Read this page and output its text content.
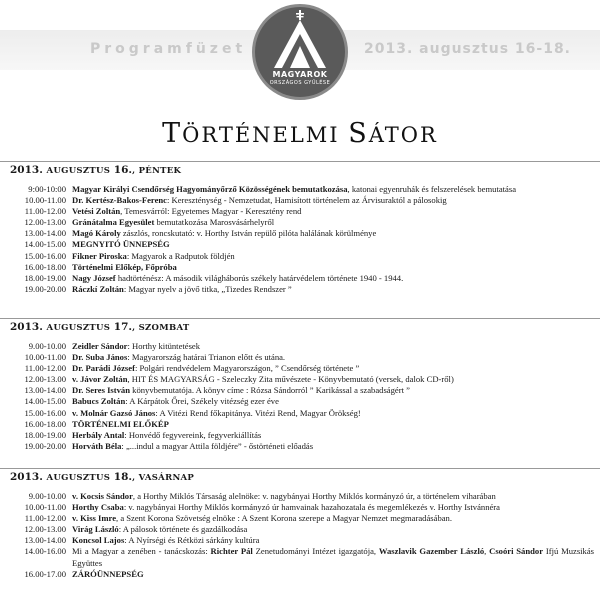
Programfüzet	2013. augusztus 16-18.
MAGYAROK
ORSZÁGOS GYŰLÉSE
TÖRTÉNELMI SÁTOR
2013. AUGUSZTUS 16., PÉNTEK
9:00-10:00 Magyar Királyi Csendőrség Hagyományőrző Közösségének bemutatkozása, katonai egyenruhák és felszerelések bemutatása
10.00-11.00 Dr. Kertész-Bakos-Ferenc: Kereszténység - Nemzetudat, Hamisított történelem az Árvisuraktól a pálosokig
11.00-12.00 Vetési Zoltán, Temesvárról: Egyetemes Magyar - Keresztény rend
12.00-13.00 Gránátalma Egyesület bemutatkozása Marosvásárhelyről
13.00-14.00 Magó Károly zászlós, roncskutató: v. Horthy István repülő pilóta halálának körülménye
14.00-15.00 MEGNYITÓ ÜNNEPSÉG
15.00-16.00 Fikner Piroska: Magyarok a Radputok földjén
16.00-18.00 Történelmi Előkép, Főpróba
18.00-19.00 Nagy József hadtörténész: A második világháborús székely határvédelem története 1940 - 1944.
19.00-20.00 Ráczkí Zoltán: Magyar nyelv a jövő titka, „Tizedes Rendszer ”
2013. AUGUSZTUS 17., SZOMBAT
9.00-10.00 Zeidler Sándor: Horthy kitüntetések
10.00-11.00 Dr. Suba János: Magyarország határai Trianon előtt és utána.
11.00-12.00 Dr. Parádi József: Polgári rendvédelem Magyarországon, ” Csendőrség története ”
12.00-13.00 v. Jávor Zoltán, HIT ÉS MAGYARSÁG - Szeleczky Zita művészete - Könyvbemutató (versek, dalok CD-ről)
13.00-14.00 Dr. Seres István könyvbemutatója. A könyv címe : Rózsa Sándorról ” Karikással a szabadságért ”
14.00-15.00 Babucs Zoltán: A Kárpátok Őrei, Székely vitézség ezer éve
15.00-16.00 v. Molnár Gazsó János: A Vitézi Rend főkapitánya. Vitézi Rend, Magyar Örökség!
16.00-18.00 TÖRTÉNELMI ELŐKÉP
18.00-19.00 Herbály Antal: Honvédő fegyvereink, fegyverkiállítás
19.00-20.00 Horváth Béla: „...indul a magyar Attila földjére” - őstörténeti előadás
2013. AUGUSZTUS 18., VASÁRNAP
9.00-10.00 v. Kocsis Sándor, a Horthy Miklós Társaság alelnöke: v. nagybányai Horthy Miklós kormányzó úr, a történelem viharában
10.00-11.00 Horthy Csaba: v. nagybányai Horthy Miklós kormányzó úr hamvainak hazahozatala és megemlékezés v. Horthy Istvánnéra
11.00-12.00 v. Kiss Imre, a Szent Korona Szövetség elnöke : A Szent Korona szerepe a Magyar Nemzet megmaradásában.
12.00-13.00 Virág László: A pálosok története és gazdálkodása
13.00-14.00 Koncsol Lajos: A Nyírségi és Rétközi sárkány kultúra
14.00-16.00 Mi a Magyar a zenében - tanácskozás: Richter Pál Zenetudományi Intézet igazgatója, Waszlavik Gazember László, Csoóri Sándor Ifjú Muzsikás Együttes
16.00-17.00 ZÁRÓÜNNEPSÉG
